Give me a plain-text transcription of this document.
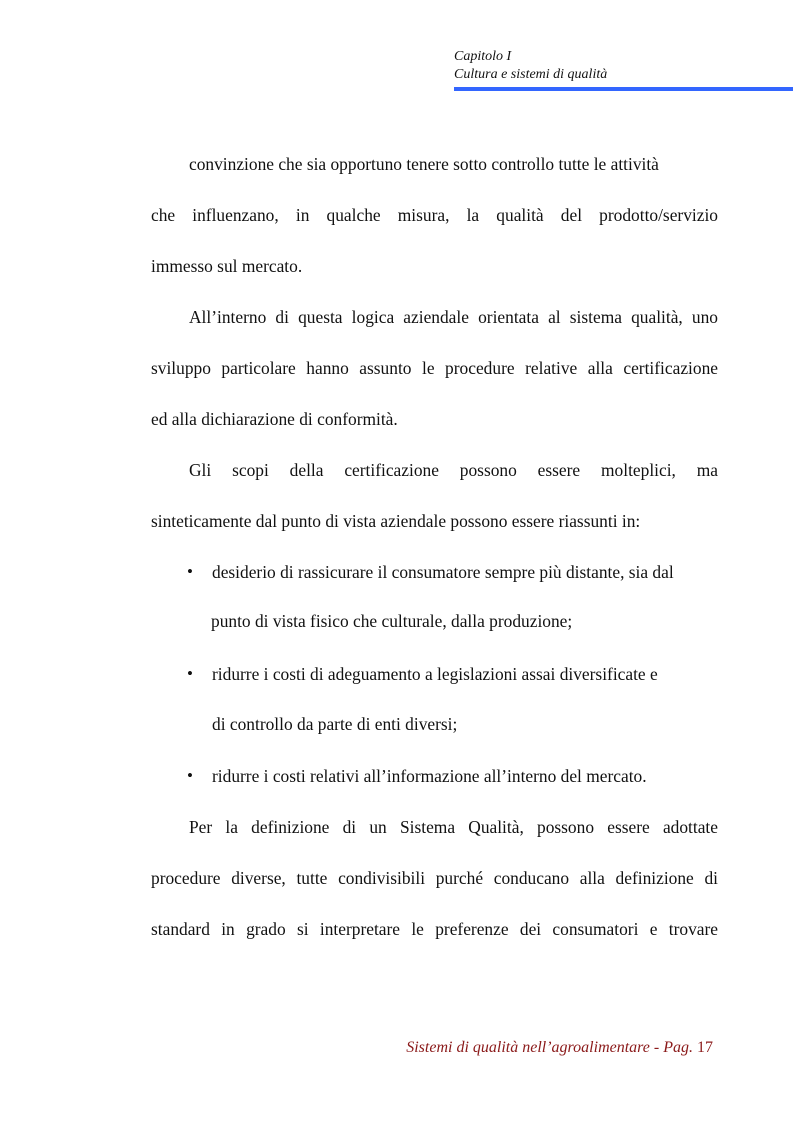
Capitolo I
Cultura e sistemi di qualità
convinzione che sia opportuno tenere sotto controllo tutte le attività
che influenzano, in qualche misura, la qualità del prodotto/servizio
immesso sul mercato.
All’interno di questa logica aziendale orientata al sistema qualità, uno
sviluppo particolare hanno assunto le procedure relative alla certificazione
ed alla dichiarazione di conformità.
Gli scopi della certificazione possono essere molteplici, ma
sinteticamente dal punto di vista aziendale possono essere riassunti in:
• desiderio di rassicurare il consumatore sempre più distante, sia dal
punto di vista fisico che culturale, dalla produzione;
• ridurre i costi di adeguamento a legislazioni assai diversificate e
di controllo da parte di enti diversi;
• ridurre i costi relativi all’informazione all’interno del mercato.
Per la definizione di un Sistema Qualità, possono essere adottate
procedure diverse, tutte condivisibili purché conducano alla definizione di
standard in grado si interpretare le preferenze dei consumatori e trovare
Sistemi di qualità nell’agroalimentare - Pag. 17
